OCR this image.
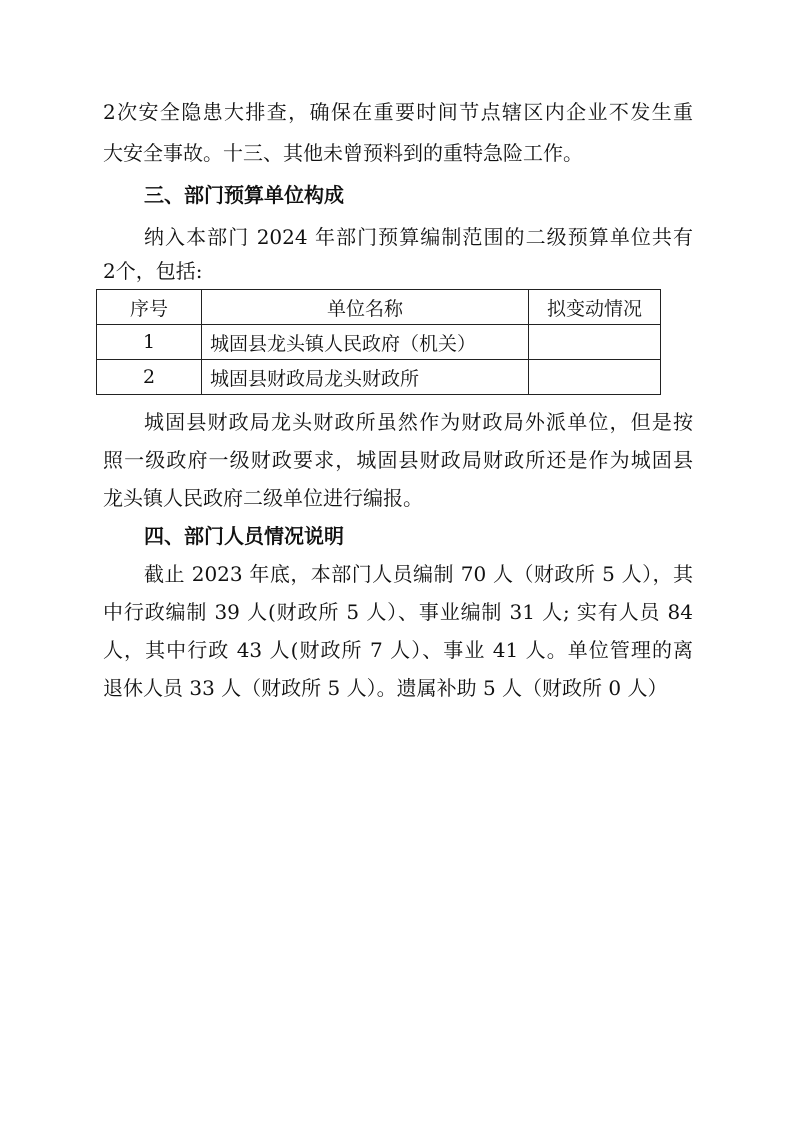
2次安全隐患大排查，确保在重要时间节点辖区内企业不发生重
大安全事故。十三、其他未曾预料到的重特急险工作。
三、部门预算单位构成
纳入本部门 2024 年部门预算编制范围的二级预算单位共有
2个，包括:
序号	单位名称	拟变动情况
1	城固县龙头镇人民政府（机关）	
2	城固县财政局龙头财政所	
城固县财政局龙头财政所虽然作为财政局外派单位，但是按
照一级政府一级财政要求，城固县财政局财政所还是作为城固县
龙头镇人民政府二级单位进行编报。
四、部门人员情况说明
截止 2023 年底，本部门人员编制 70 人（财政所 5 人），其
中行政编制 39 人(财政所 5 人）、事业编制 31 人; 实有人员 84
人，其中行政 43 人(财政所 7 人）、事业 41 人。单位管理的离
退休人员 33 人（财政所 5 人）。遗属补助 5 人（财政所 0 人）
